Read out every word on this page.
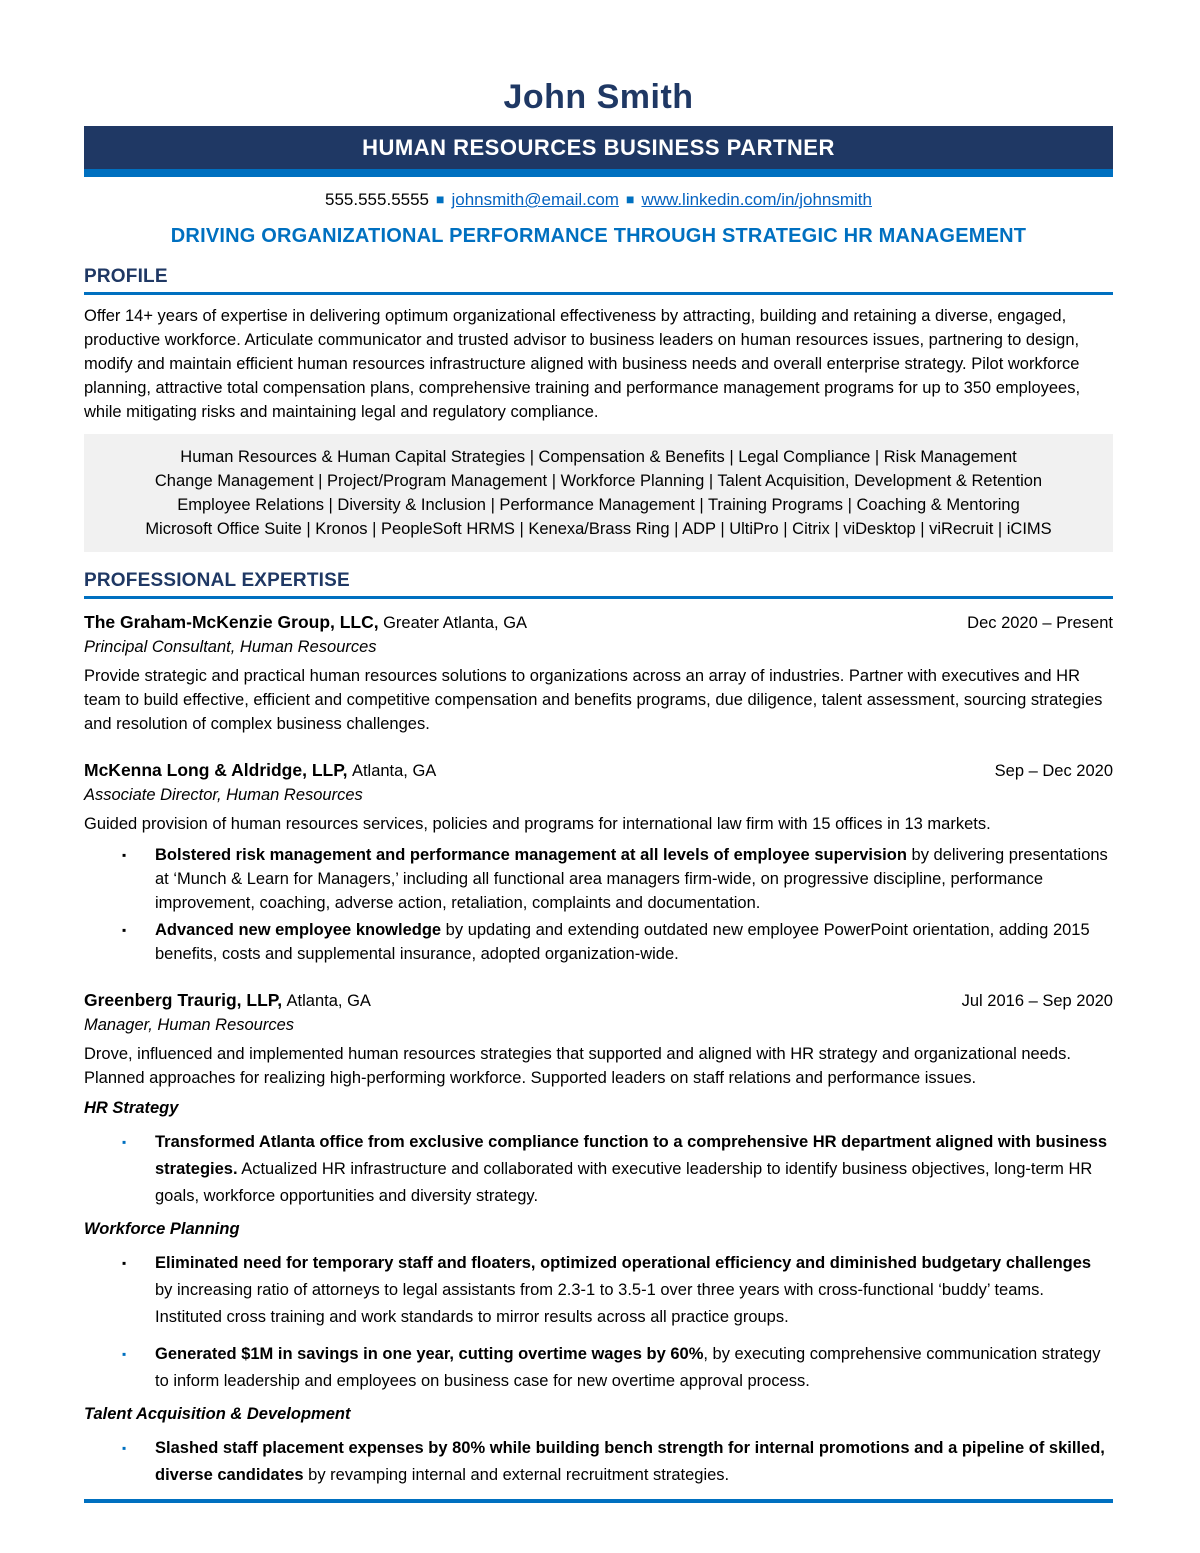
John Smith
HUMAN RESOURCES BUSINESS PARTNER
555.555.5555 ■ johnsmith@email.com ■ www.linkedin.com/in/johnsmith
DRIVING ORGANIZATIONAL PERFORMANCE THROUGH STRATEGIC HR MANAGEMENT
PROFILE

Offer 14+ years of expertise in delivering optimum organizational effectiveness by attracting, building and retaining a diverse, engaged, productive workforce. Articulate communicator and trusted advisor to business leaders on human resources issues, partnering to design, modify and maintain efficient human resources infrastructure aligned with business needs and overall enterprise strategy. Pilot workforce planning, attractive total compensation plans, comprehensive training and performance management programs for up to 350 employees, while mitigating risks and maintaining legal and regulatory compliance.

Human Resources & Human Capital Strategies | Compensation & Benefits | Legal Compliance | Risk Management
Change Management | Project/Program Management | Workforce Planning | Talent Acquisition, Development & Retention
Employee Relations | Diversity & Inclusion | Performance Management | Training Programs | Coaching & Mentoring
Microsoft Office Suite | Kronos | PeopleSoft HRMS | Kenexa/Brass Ring | ADP | UltiPro | Citrix | viDesktop | viRecruit | iCIMS
PROFESSIONAL EXPERTISE
The Graham-McKenzie Group, LLC, Greater Atlanta, GA	Dec 2020 – Present
Principal Consultant, Human Resources

Provide strategic and practical human resources solutions to organizations across an array of industries. Partner with executives and HR team to build effective, efficient and competitive compensation and benefits programs, due diligence, talent assessment, sourcing strategies and resolution of complex business challenges.

McKenna Long & Aldridge, LLP, Atlanta, GA	Sep – Dec 2020
Associate Director, Human Resources

Guided provision of human resources services, policies and programs for international law firm with 15 offices in 13 markets.

▪ Bolstered risk management and performance management at all levels of employee supervision by delivering presentations at ‘Munch & Learn for Managers,’ including all functional area managers firm-wide, on progressive discipline, performance improvement, coaching, adverse action, retaliation, complaints and documentation.
▪ Advanced new employee knowledge by updating and extending outdated new employee PowerPoint orientation, adding 2015 benefits, costs and supplemental insurance, adopted organization-wide.
Greenberg Traurig, LLP, Atlanta, GA	Jul 2016 – Sep 2020
Manager, Human Resources

Drove, influenced and implemented human resources strategies that supported and aligned with HR strategy and organizational needs. Planned approaches for realizing high-performing workforce. Supported leaders on staff relations and performance issues.

HR Strategy
▪ Transformed Atlanta office from exclusive compliance function to a comprehensive HR department aligned with business strategies. Actualized HR infrastructure and collaborated with executive leadership to identify business objectives, long-term HR goals, workforce opportunities and diversity strategy.
Workforce Planning
▪ Eliminated need for temporary staff and floaters, optimized operational efficiency and diminished budgetary challenges by increasing ratio of attorneys to legal assistants from 2.3-1 to 3.5-1 over three years with cross-functional ‘buddy’ teams. Instituted cross training and work standards to mirror results across all practice groups.
▪ Generated $1M in savings in one year, cutting overtime wages by 60%, by executing comprehensive communication strategy to inform leadership and employees on business case for new overtime approval process.
Talent Acquisition & Development
▪ Slashed staff placement expenses by 80% while building bench strength for internal promotions and a pipeline of skilled, diverse candidates by revamping internal and external recruitment strategies.
